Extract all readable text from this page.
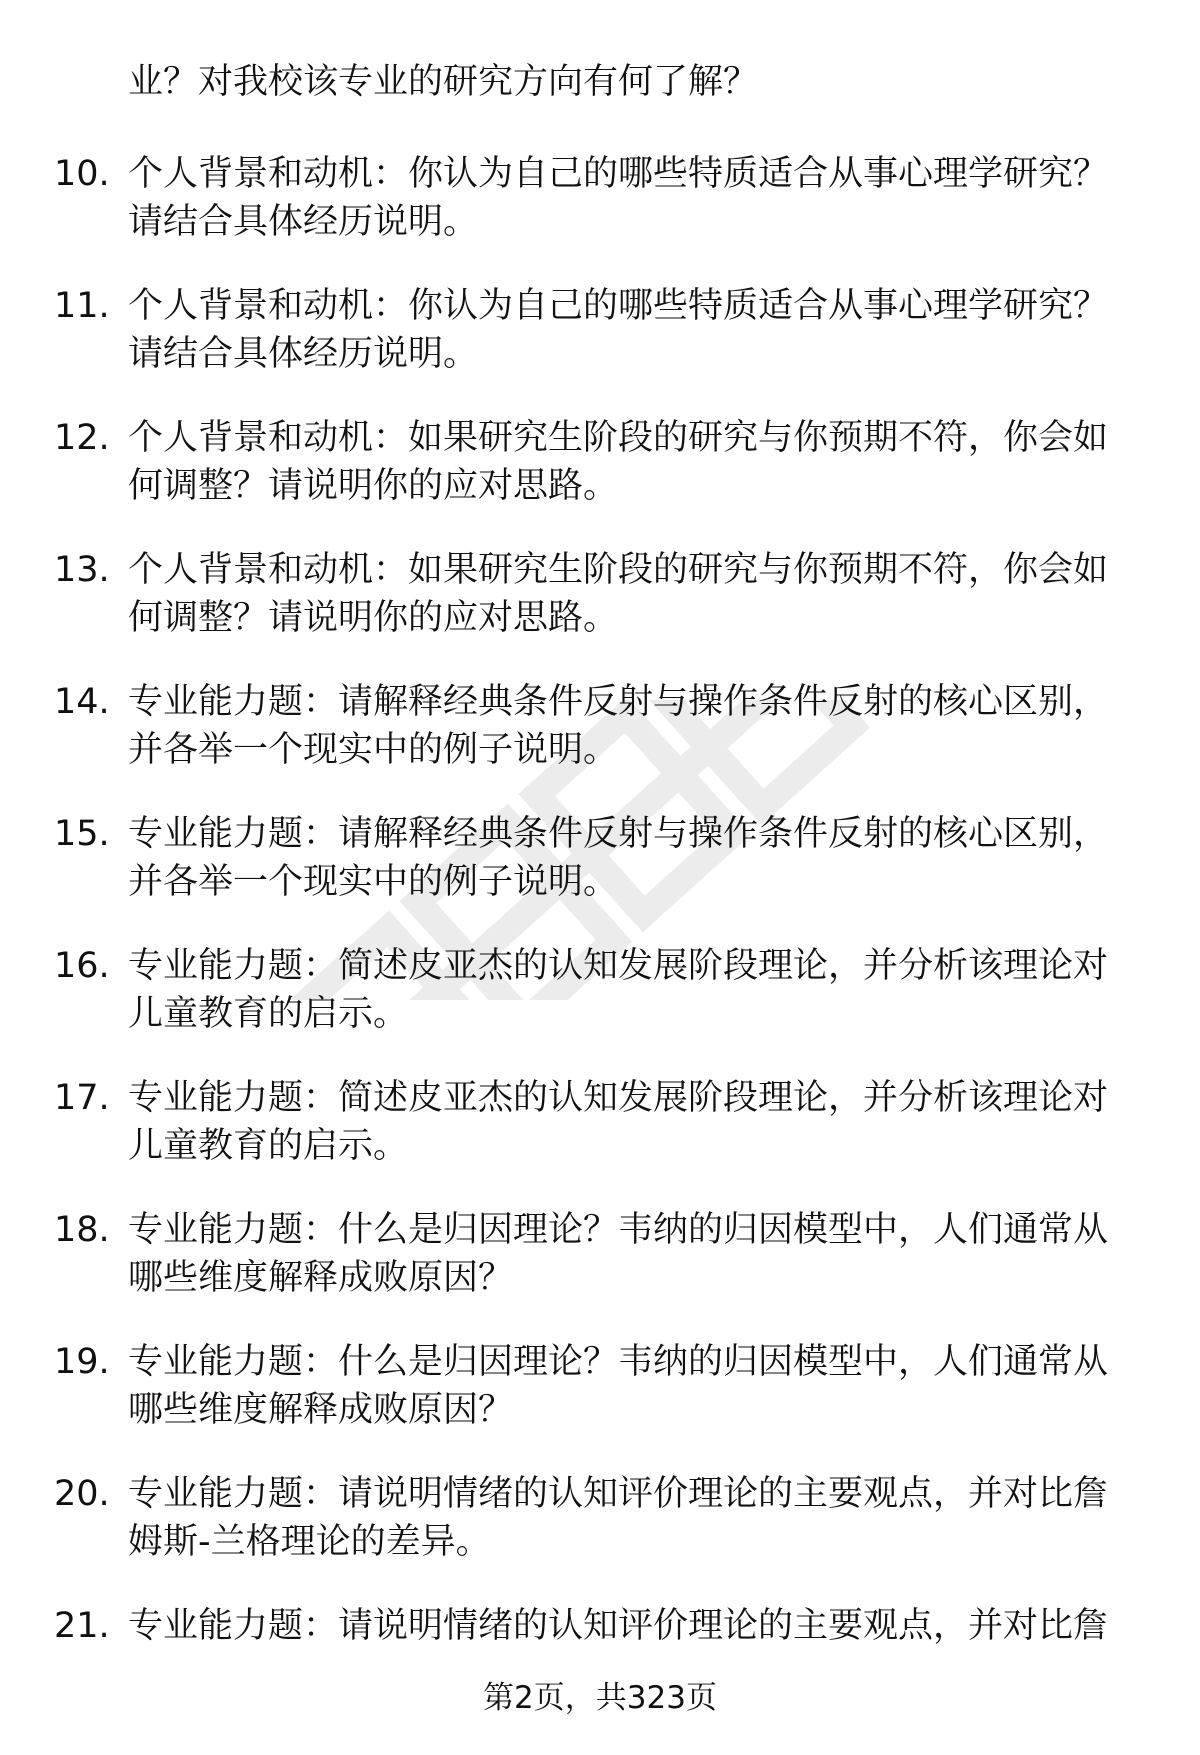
业？对我校该专业的研究方向有何了解？
10. 个人背景和动机：你认为自己的哪些特质适合从事心理学研究？请结合具体经历说明。
11. 个人背景和动机：你认为自己的哪些特质适合从事心理学研究？请结合具体经历说明。
12. 个人背景和动机：如果研究生阶段的研究与你预期不符，你会如何调整？请说明你的应对思路。
13. 个人背景和动机：如果研究生阶段的研究与你预期不符，你会如何调整？请说明你的应对思路。
14. 专业能力题：请解释经典条件反射与操作条件反射的核心区别，并各举一个现实中的例子说明。
15. 专业能力题：请解释经典条件反射与操作条件反射的核心区别，并各举一个现实中的例子说明。
16. 专业能力题：简述皮亚杰的认知发展阶段理论，并分析该理论对儿童教育的启示。
17. 专业能力题：简述皮亚杰的认知发展阶段理论，并分析该理论对儿童教育的启示。
18. 专业能力题：什么是归因理论？韦纳的归因模型中，人们通常从哪些维度解释成败原因？
19. 专业能力题：什么是归因理论？韦纳的归因模型中，人们通常从哪些维度解释成败原因？
20. 专业能力题：请说明情绪的认知评价理论的主要观点，并对比詹姆斯-兰格理论的差异。
21. 专业能力题：请说明情绪的认知评价理论的主要观点，并对比詹
第2页，共323页
